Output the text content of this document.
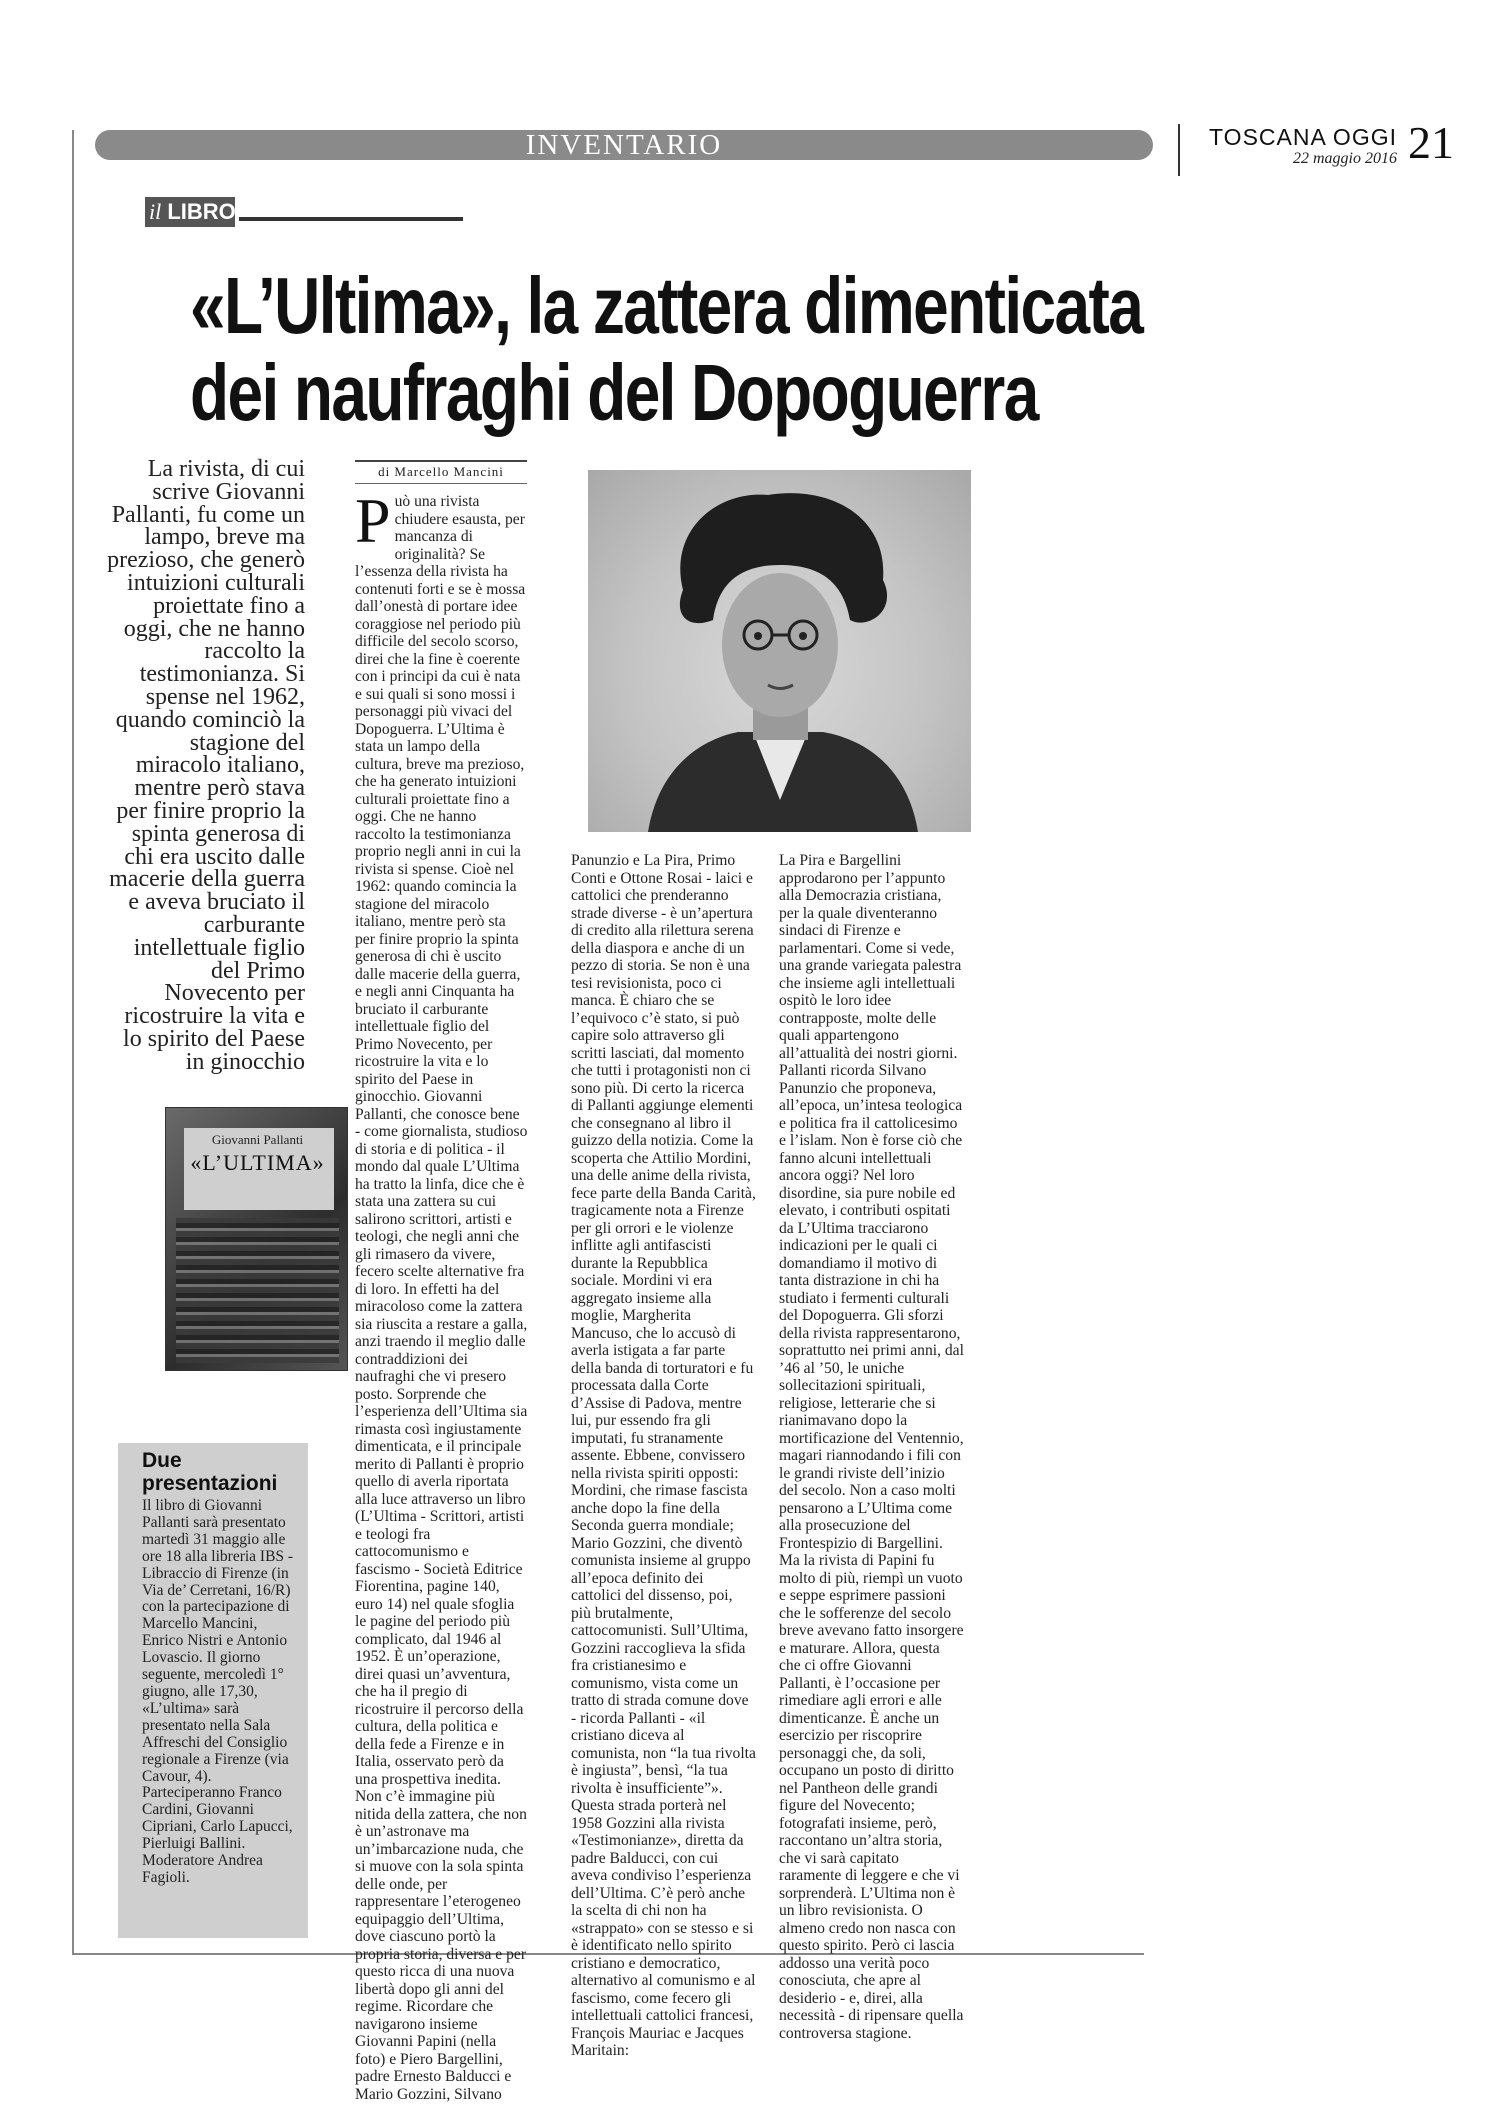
INVENTARIO	TOSCANA OGGI
22 maggio 2016 21
il LIBRO
«L’Ultima», la zattera dimenticata
dei naufraghi del Dopoguerra
La rivista, di cui scrive Giovanni Pallanti, fu come un lampo, breve ma prezioso, che generò intuizioni culturali proiettate fino a oggi, che ne hanno raccolto la testimonianza. Si spense nel 1962, quando cominciò la stagione del miracolo italiano, mentre però stava per finire proprio la spinta generosa di chi era uscito dalle macerie della guerra e aveva bruciato il carburante intellettuale figlio del Primo Novecento per ricostruire la vita e lo spirito del Paese in ginocchio
Giovanni Pallanti
«L’ULTIMA»
Due presentazioni
Il libro di Giovanni Pallanti sarà presentato martedì 31 maggio alle ore 18 alla libreria IBS - Libraccio di Firenze (in Via de’ Cerretani, 16/R) con la partecipazione di Marcello Mancini, Enrico Nistri e Antonio Lovascio. Il giorno seguente, mercoledì 1° giugno, alle 17,30, «L’ultima» sarà presentato nella Sala Affreschi del Consiglio regionale a Firenze (via Cavour, 4). Parteciperanno Franco Cardini, Giovanni Cipriani, Carlo Lapucci, Pierluigi Ballini. Moderatore Andrea Fagioli.
di Marcello Mancini
Può una rivista chiudere esausta, per mancanza di originalità? Se l’essenza della rivista ha contenuti forti e se è mossa dall’onestà di portare idee coraggiose nel periodo più difficile del secolo scorso, direi che la fine è coerente con i principi da cui è nata e sui quali si sono mossi i personaggi più vivaci del Dopoguerra. L’Ultima è stata un lampo della cultura, breve ma prezioso, che ha generato intuizioni culturali proiettate fino a oggi. Che ne hanno raccolto la testimonianza proprio negli anni in cui la rivista si spense. Cioè nel 1962: quando comincia la stagione del miracolo italiano, mentre però sta per finire proprio la spinta generosa di chi è uscito dalle macerie della guerra, e negli anni Cinquanta ha bruciato il carburante intellettuale figlio del Primo Novecento, per ricostruire la vita e lo spirito del Paese in ginocchio. Giovanni Pallanti, che conosce bene - come giornalista, studioso di storia e di politica - il mondo dal quale L’Ultima ha tratto la linfa, dice che è stata una zattera su cui salirono scrittori, artisti e teologi, che negli anni che gli rimasero da vivere, fecero scelte alternative fra di loro. In effetti ha del miracoloso come la zattera sia riuscita a restare a galla, anzi traendo il meglio dalle contraddizioni dei naufraghi che vi presero posto. Sorprende che l’esperienza dell’Ultima sia rimasta così ingiustamente dimenticata, e il principale merito di Pallanti è proprio quello di averla riportata alla luce attraverso un libro (L’Ultima - Scrittori, artisti e teologi fra cattocomunismo e fascismo - Società Editrice Fiorentina, pagine 140, euro 14) nel quale sfoglia le pagine del periodo più complicato, dal 1946 al 1952. È un’operazione, direi quasi un’avventura, che ha il pregio di ricostruire il percorso della cultura, della politica e della fede a Firenze e in Italia, osservato però da una prospettiva inedita. Non c’è immagine più nitida della zattera, che non è un’astronave ma un’imbarcazione nuda, che si muove con la sola spinta delle onde, per rappresentare l’eterogeneo equipaggio dell’Ultima, dove ciascuno portò la propria storia, diversa e per questo ricca di una nuova libertà dopo gli anni del regime. Ricordare che navigarono insieme Giovanni Papini (nella foto) e Piero Bargellini, padre Ernesto Balducci e Mario Gozzini, Silvano

Panunzio e La Pira, Primo Conti e Ottone Rosai - laici e cattolici che prenderanno strade diverse - è un’apertura di credito alla rilettura serena della diaspora e anche di un pezzo di storia. Se non è una tesi revisionista, poco ci manca. È chiaro che se l’equivoco c’è stato, si può capire solo attraverso gli scritti lasciati, dal momento che tutti i protagonisti non ci sono più. Di certo la ricerca di Pallanti aggiunge elementi che consegnano al libro il guizzo della notizia. Come la scoperta che Attilio Mordini, una delle anime della rivista, fece parte della Banda Carità, tragicamente nota a Firenze per gli orrori e le violenze inflitte agli antifascisti durante la Repubblica sociale. Mordini vi era aggregato insieme alla moglie, Margherita Mancuso, che lo accusò di averla istigata a far parte della banda di torturatori e fu processata dalla Corte d’Assise di Padova, mentre lui, pur essendo fra gli imputati, fu stranamente assente. Ebbene, convissero nella rivista spiriti opposti: Mordini, che rimase fascista anche dopo la fine della Seconda guerra mondiale; Mario Gozzini, che diventò comunista insieme al gruppo all’epoca definito dei cattolici del dissenso, poi, più brutalmente, cattocomunisti. Sull’Ultima, Gozzini raccoglieva la sfida fra cristianesimo e comunismo, vista come un tratto di strada comune dove - ricorda Pallanti - «il cristiano diceva al comunista, non “la tua rivolta è ingiusta”, bensì, “la tua rivolta è insufficiente”». Questa strada porterà nel 1958 Gozzini alla rivista «Testimonianze», diretta da padre Balducci, con cui aveva condiviso l’esperienza dell’Ultima. C’è però anche la scelta di chi non ha «strappato» con se stesso e si è identificato nello spirito cristiano e democratico, alternativo al comunismo e al fascismo, come fecero gli intellettuali cattolici francesi, François Mauriac e Jacques Maritain:

La Pira e Bargellini approdarono per l’appunto alla Democrazia cristiana, per la quale diventeranno sindaci di Firenze e parlamentari. Come si vede, una grande variegata palestra che insieme agli intellettuali ospitò le loro idee contrapposte, molte delle quali appartengono all’attualità dei nostri giorni. Pallanti ricorda Silvano Panunzio che proponeva, all’epoca, un’intesa teologica e politica fra il cattolicesimo e l’islam. Non è forse ciò che fanno alcuni intellettuali ancora oggi? Nel loro disordine, sia pure nobile ed elevato, i contributi ospitati da L’Ultima tracciarono indicazioni per le quali ci domandiamo il motivo di tanta distrazione in chi ha studiato i fermenti culturali del Dopoguerra. Gli sforzi della rivista rappresentarono, soprattutto nei primi anni, dal ’46 al ’50, le uniche sollecitazioni spirituali, religiose, letterarie che si rianimavano dopo la mortificazione del Ventennio, magari riannodando i fili con le grandi riviste dell’inizio del secolo. Non a caso molti pensarono a L’Ultima come alla prosecuzione del Frontespizio di Bargellini. Ma la rivista di Papini fu molto di più, riempì un vuoto e seppe esprimere passioni che le sofferenze del secolo breve avevano fatto insorgere e maturare. Allora, questa che ci offre Giovanni Pallanti, è l’occasione per rimediare agli errori e alle dimenticanze. È anche un esercizio per riscoprire personaggi che, da soli, occupano un posto di diritto nel Pantheon delle grandi figure del Novecento; fotografati insieme, però, raccontano un’altra storia, che vi sarà capitato raramente di leggere e che vi sorprenderà. L’Ultima non è un libro revisionista. O almeno credo non nasca con questo spirito. Però ci lascia addosso una verità poco conosciuta, che apre al desiderio - e, direi, alla necessità - di ripensare quella controversa stagione.
